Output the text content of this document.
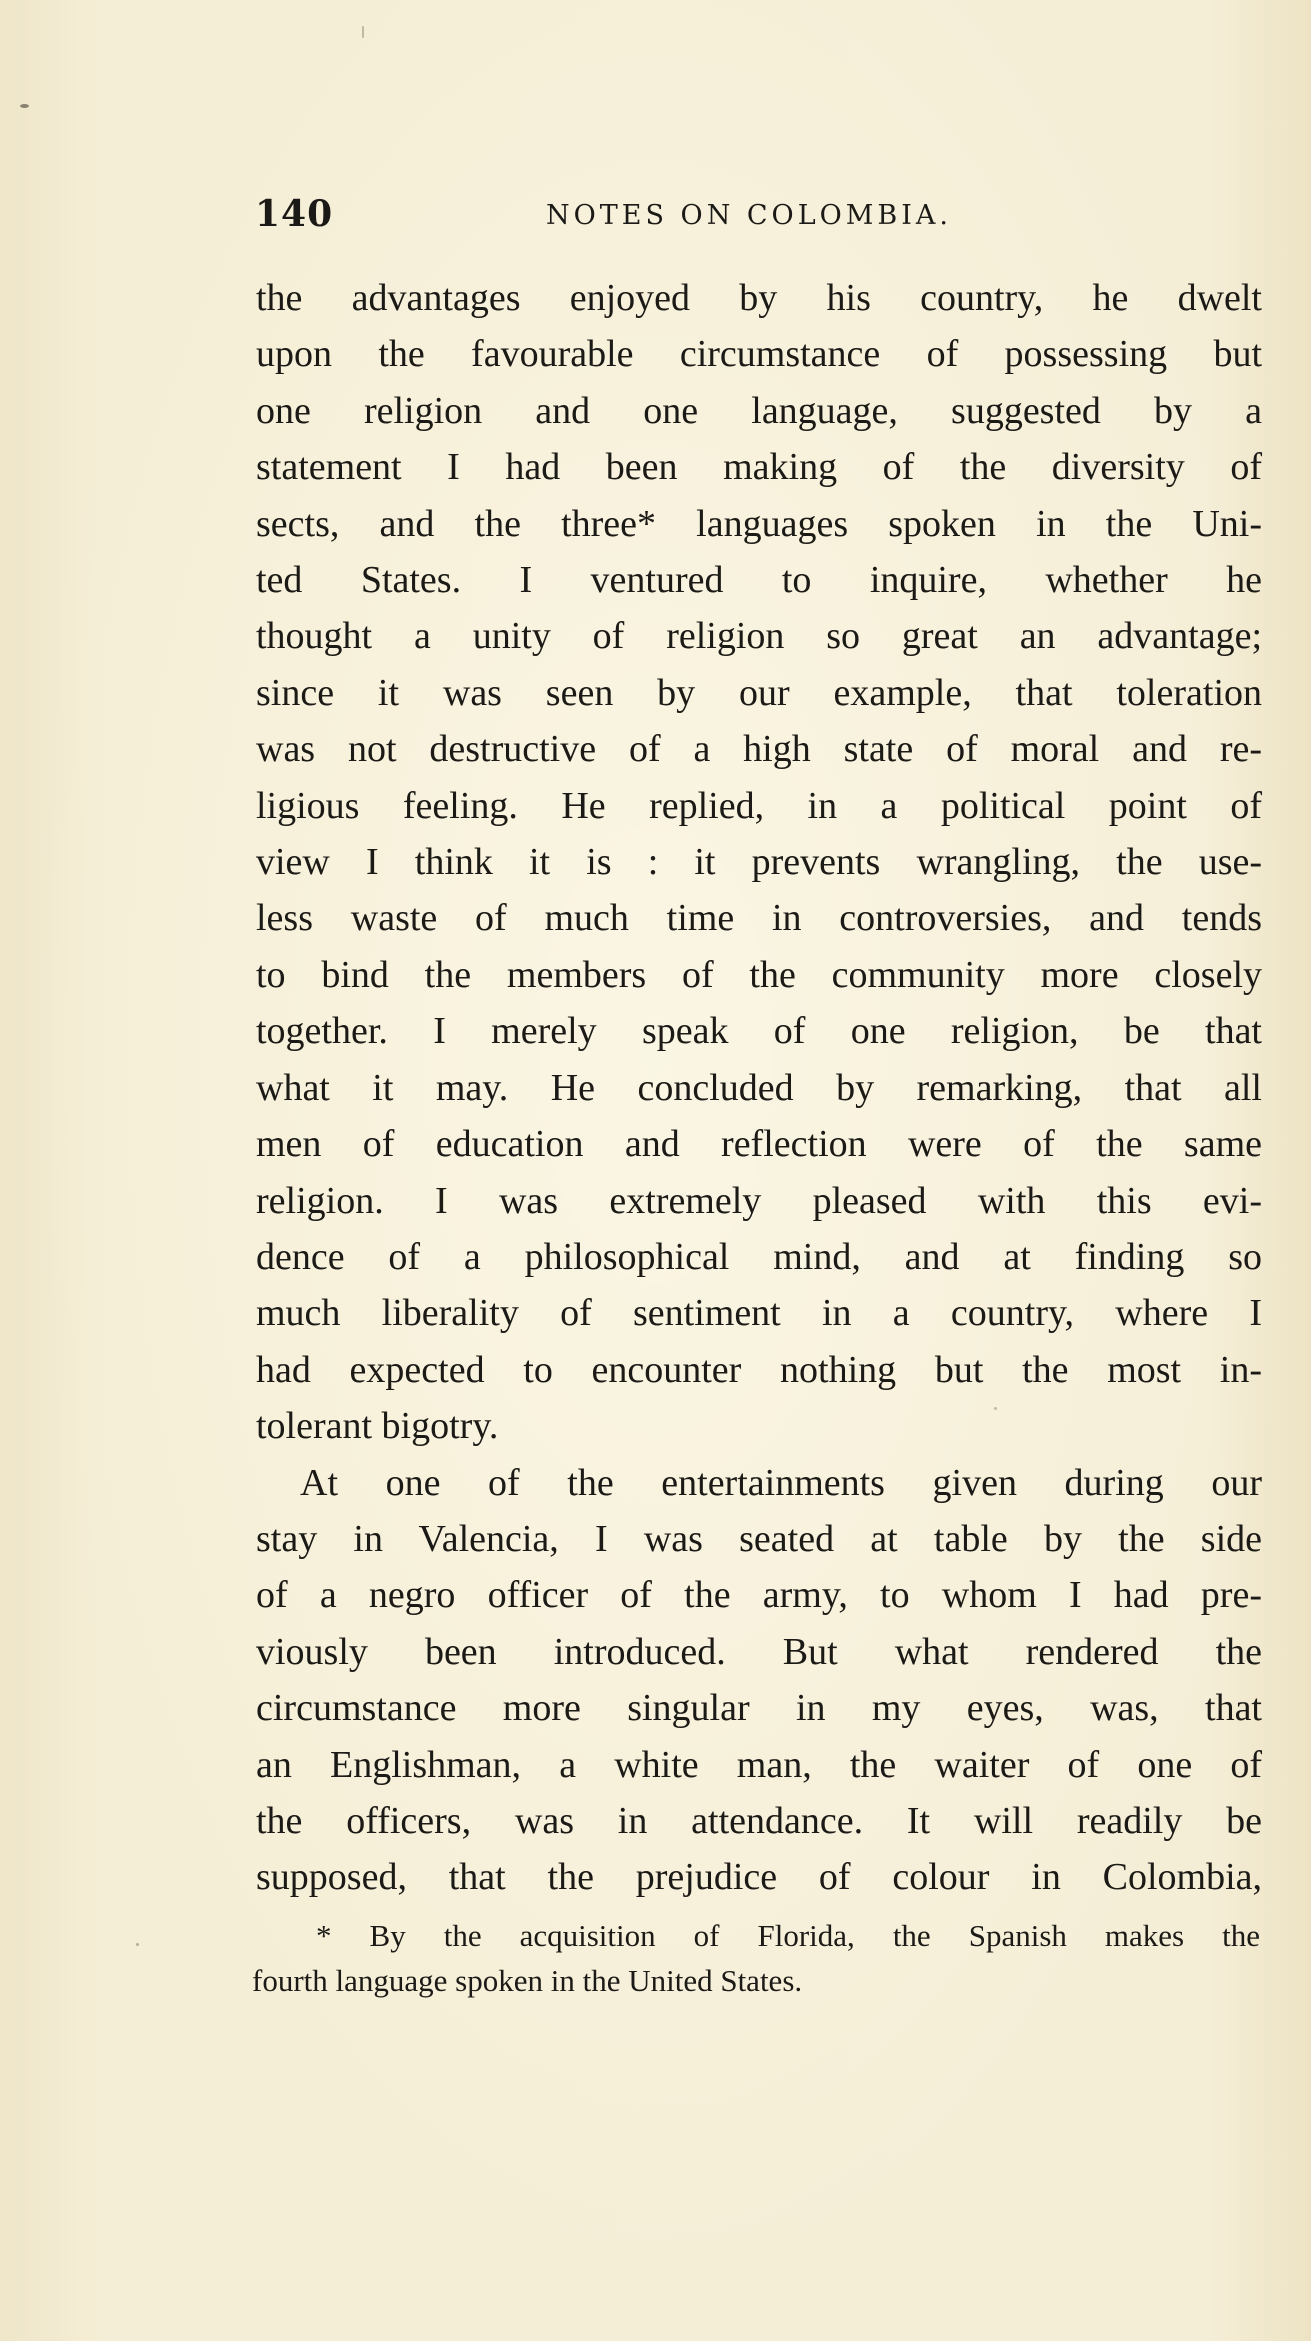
140	NOTES ON COLOMBIA.
the advantages enjoyed by his country, he dwelt
upon the favourable circumstance of possessing but
one religion and one language, suggested by a
statement I had been making of the diversity of
sects, and the three* languages spoken in the Uni-
ted States. I ventured to inquire, whether he
thought a unity of religion so great an advantage;
since it was seen by our example, that toleration
was not destructive of a high state of moral and re-
ligious feeling. He replied, in a political point of
view I think it is : it prevents wrangling, the use-
less waste of much time in controversies, and tends
to bind the members of the community more closely
together. I merely speak of one religion, be that
what it may. He concluded by remarking, that all
men of education and reflection were of the same
religion. I was extremely pleased with this evi-
dence of a philosophical mind, and at finding so
much liberality of sentiment in a country, where I
had expected to encounter nothing but the most in-
tolerant bigotry.
At one of the entertainments given during our
stay in Valencia, I was seated at table by the side
of a negro officer of the army, to whom I had pre-
viously been introduced. But what rendered the
circumstance more singular in my eyes, was, that
an Englishman, a white man, the waiter of one of
the officers, was in attendance. It will readily be
supposed, that the prejudice of colour in Colombia,
* By the acquisition of Florida, the Spanish makes the
fourth language spoken in the United States.
